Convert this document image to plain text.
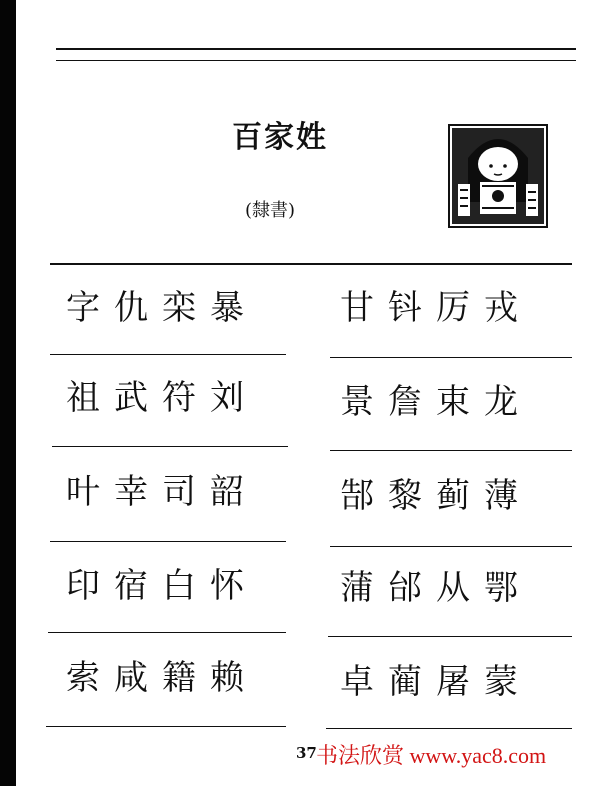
百家姓
(隸書)
字仇栾暴	甘钭厉戎
祖武符刘	景詹束龙
叶幸司韶	郜黎蓟薄
印宿白怀	蒲邰从鄂
索咸籍赖	卓蔺屠蒙
37 书法欣赏 www.yac8.com
